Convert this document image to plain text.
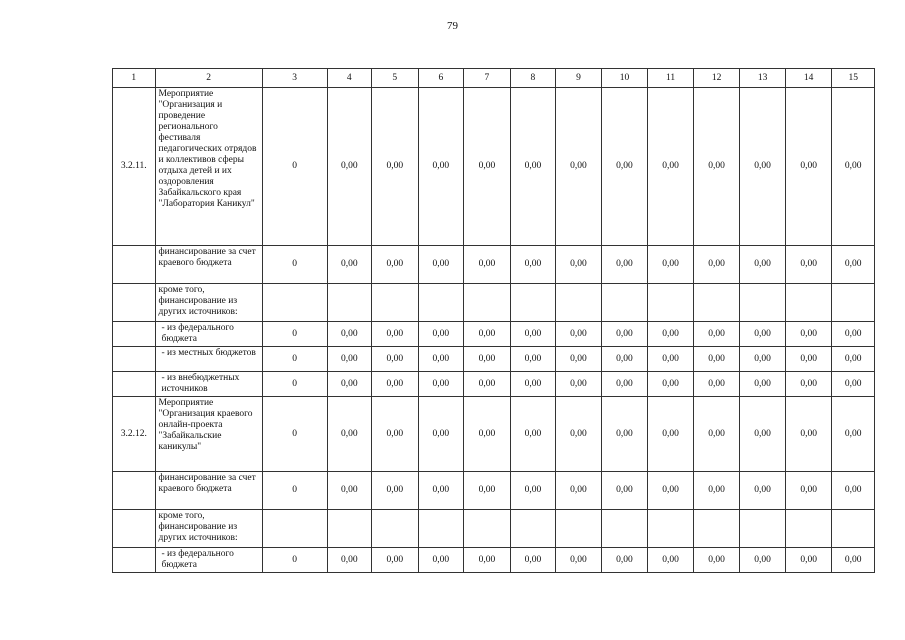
79
1	2	3	4	5	6	7	8	9	10	11	12	13	14	15
3.2.11.	Мероприятие "Организация и проведение регионального фестиваля педагогических отрядов и коллективов сферы отдыха детей и их оздоровления Забайкальского края "Лаборатория Каникул"	0	0,00	0,00	0,00	0,00	0,00	0,00	0,00	0,00	0,00	0,00	0,00	0,00
	финансирование за счет краевого бюджета	0	0,00	0,00	0,00	0,00	0,00	0,00	0,00	0,00	0,00	0,00	0,00	0,00
	кроме того, финансирование из других источников:													
	- из федерального бюджета	0	0,00	0,00	0,00	0,00	0,00	0,00	0,00	0,00	0,00	0,00	0,00	0,00
	- из местных бюджетов	0	0,00	0,00	0,00	0,00	0,00	0,00	0,00	0,00	0,00	0,00	0,00	0,00
	- из внебюджетных источников	0	0,00	0,00	0,00	0,00	0,00	0,00	0,00	0,00	0,00	0,00	0,00	0,00
3.2.12.	Мероприятие "Организация краевого онлайн-проекта "Забайкальские каникулы"	0	0,00	0,00	0,00	0,00	0,00	0,00	0,00	0,00	0,00	0,00	0,00	0,00
	финансирование за счет краевого бюджета	0	0,00	0,00	0,00	0,00	0,00	0,00	0,00	0,00	0,00	0,00	0,00	0,00
	кроме того, финансирование из других источников:													
	- из федерального бюджета	0	0,00	0,00	0,00	0,00	0,00	0,00	0,00	0,00	0,00	0,00	0,00	0,00
